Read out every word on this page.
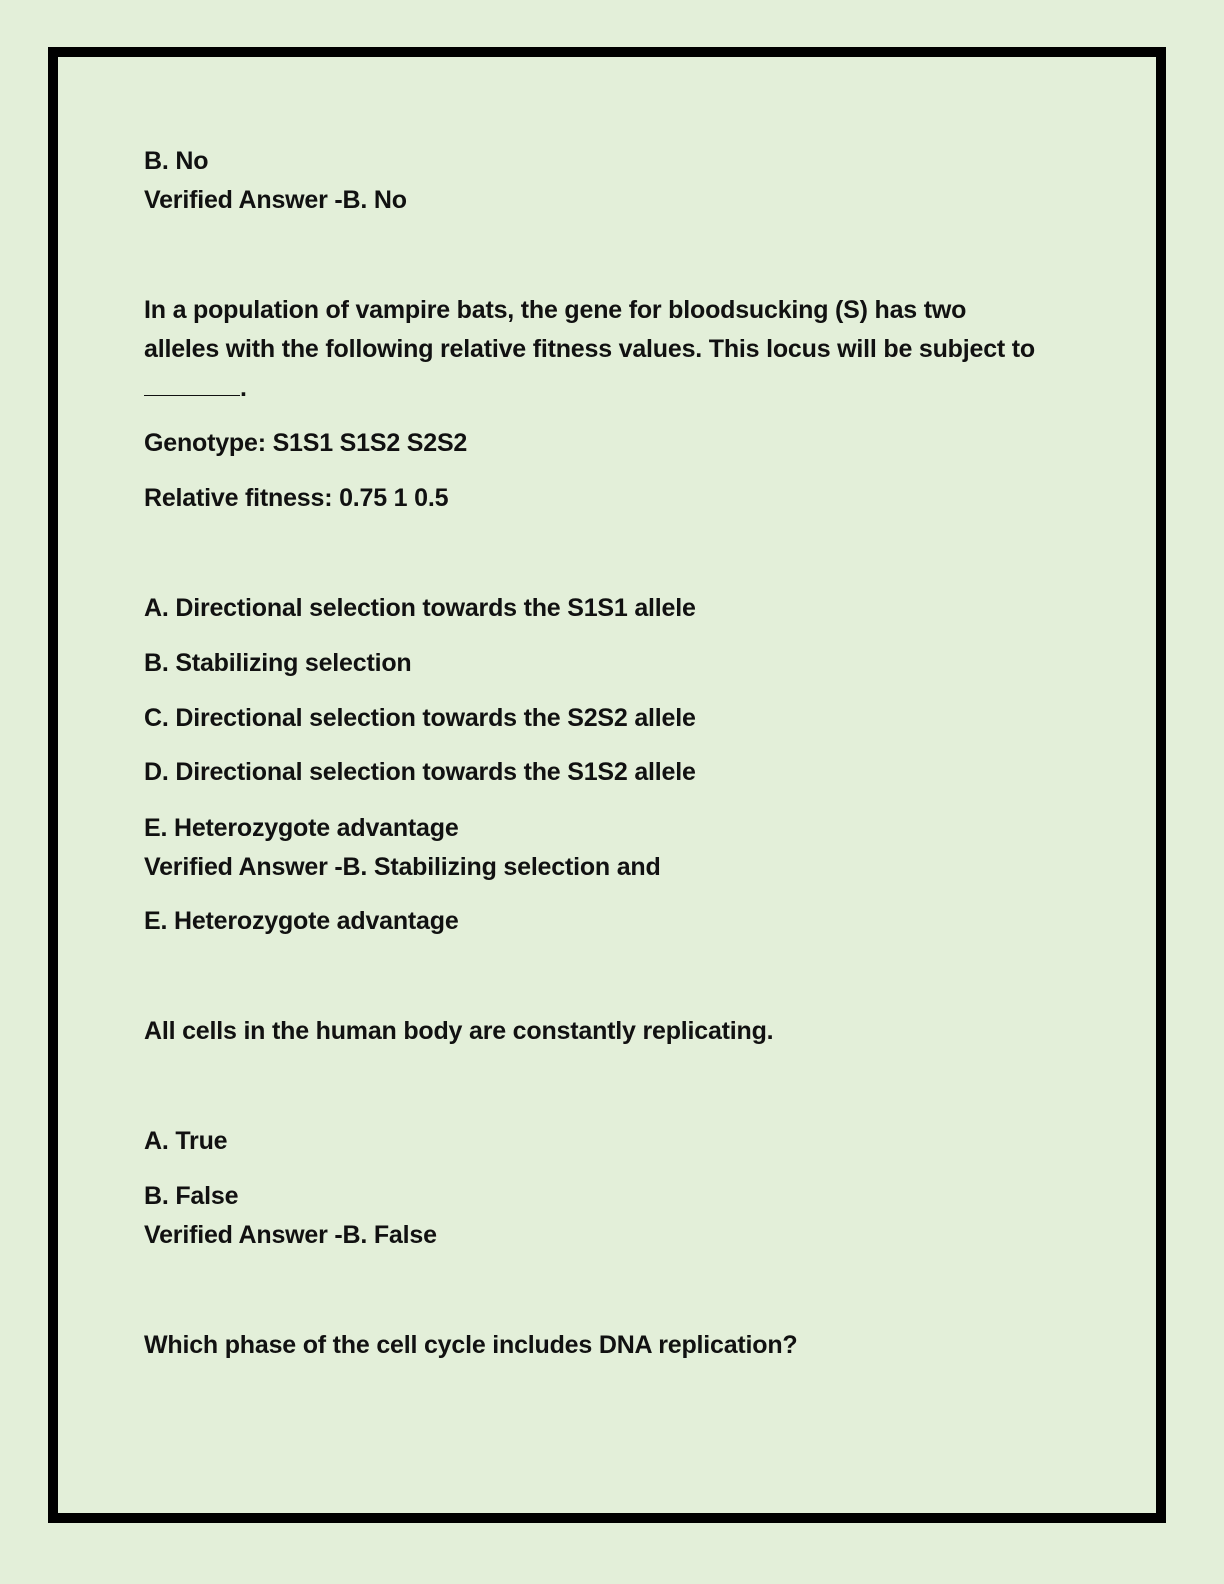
B. No
Verified Answer -B. No
In a population of vampire bats, the gene for bloodsucking (S) has two
alleles with the following relative fitness values. This locus will be subject to
.
Genotype: S1S1 S1S2 S2S2
Relative fitness: 0.75 1 0.5
A. Directional selection towards the S1S1 allele
B. Stabilizing selection
C. Directional selection towards the S2S2 allele
D. Directional selection towards the S1S2 allele
E. Heterozygote advantage
Verified Answer -B. Stabilizing selection and
E. Heterozygote advantage
All cells in the human body are constantly replicating.
A. True
B. False
Verified Answer -B. False
Which phase of the cell cycle includes DNA replication?
